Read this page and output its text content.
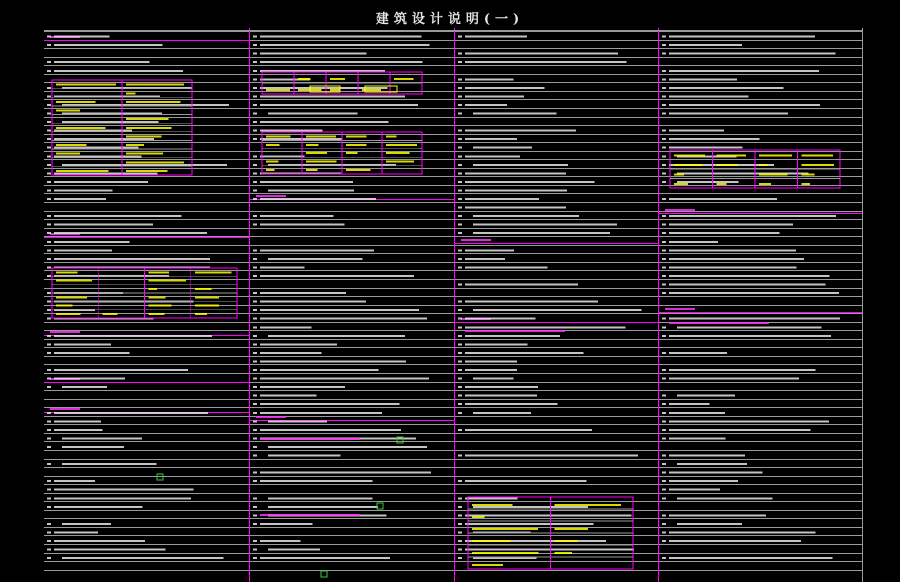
建筑设计说明(一)
